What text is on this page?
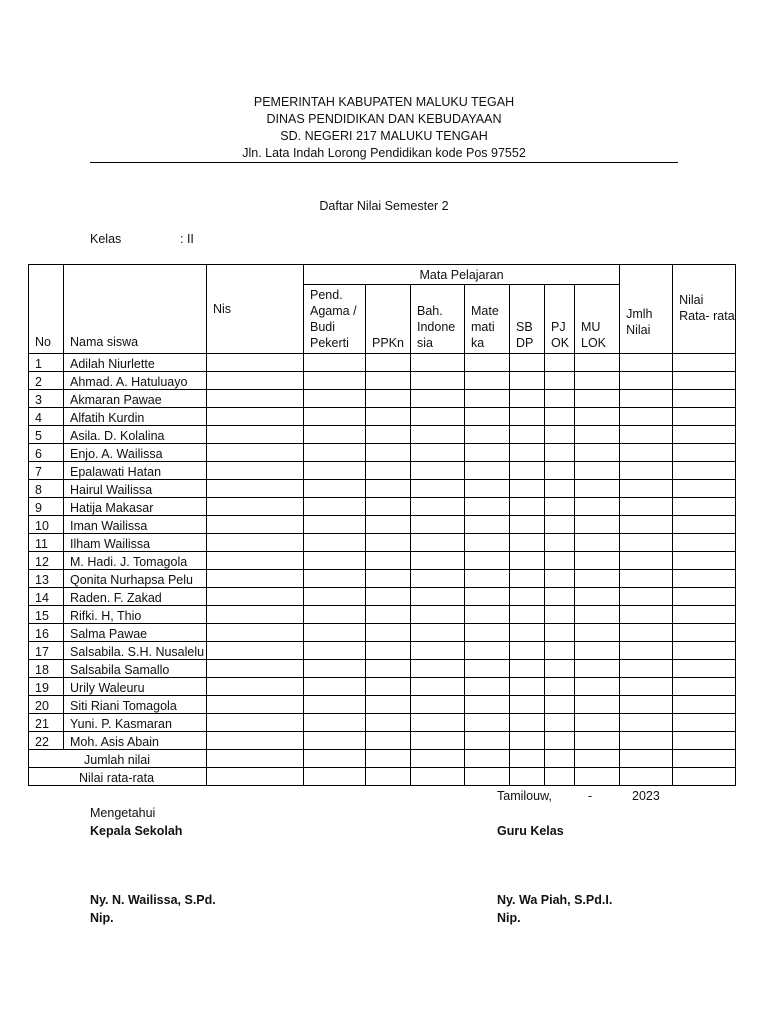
PEMERINTAH KABUPATEN MALUKU TEGAH
DINAS PENDIDIKAN DAN KEBUDAYAAN
SD. NEGERI 217 MALUKU TENGAH
Jln. Lata Indah Lorong Pendidikan kode Pos 97552
Daftar Nilai Semester 2
Kelas	: II
No	Nama siswa	Nis	Mata Pelajaran							Jmlh Nilai	Nilai Rata- rata
			Pend. Agama / Budi Pekerti	PPKn	Bah. Indone sia	Mate mati ka	SB DP	PJ OK	MU LOK		
1	Adilah Niurlette										
2	Ahmad. A. Hatuluayo										
3	Akmaran Pawae										
4	Alfatih Kurdin										
5	Asila. D. Kolalina										
6	Enjo. A. Wailissa										
7	Epalawati Hatan										
8	Hairul Wailissa										
9	Hatija Makasar										
10	Iman Wailissa										
11	Ilham Wailissa										
12	M. Hadi. J. Tomagola										
13	Qonita Nurhapsa Pelu										
14	Raden. F. Zakad										
15	Rifki. H, Thio										
16	Salma Pawae										
17	Salsabila. S.H. Nusalelu										
18	Salsabila Samallo										
19	Urily Waleuru										
20	Siti Riani Tomagola										
21	Yuni. P. Kasmaran										
22	Moh. Asis Abain										
Jumlah nilai											
Nilai rata-rata											
Tamilouw,	-	2023
Mengetahui
Kepala Sekolah	Guru Kelas
Ny. N. Wailissa, S.Pd.
Nip.
Ny. Wa Piah, S.Pd.I.
Nip.
